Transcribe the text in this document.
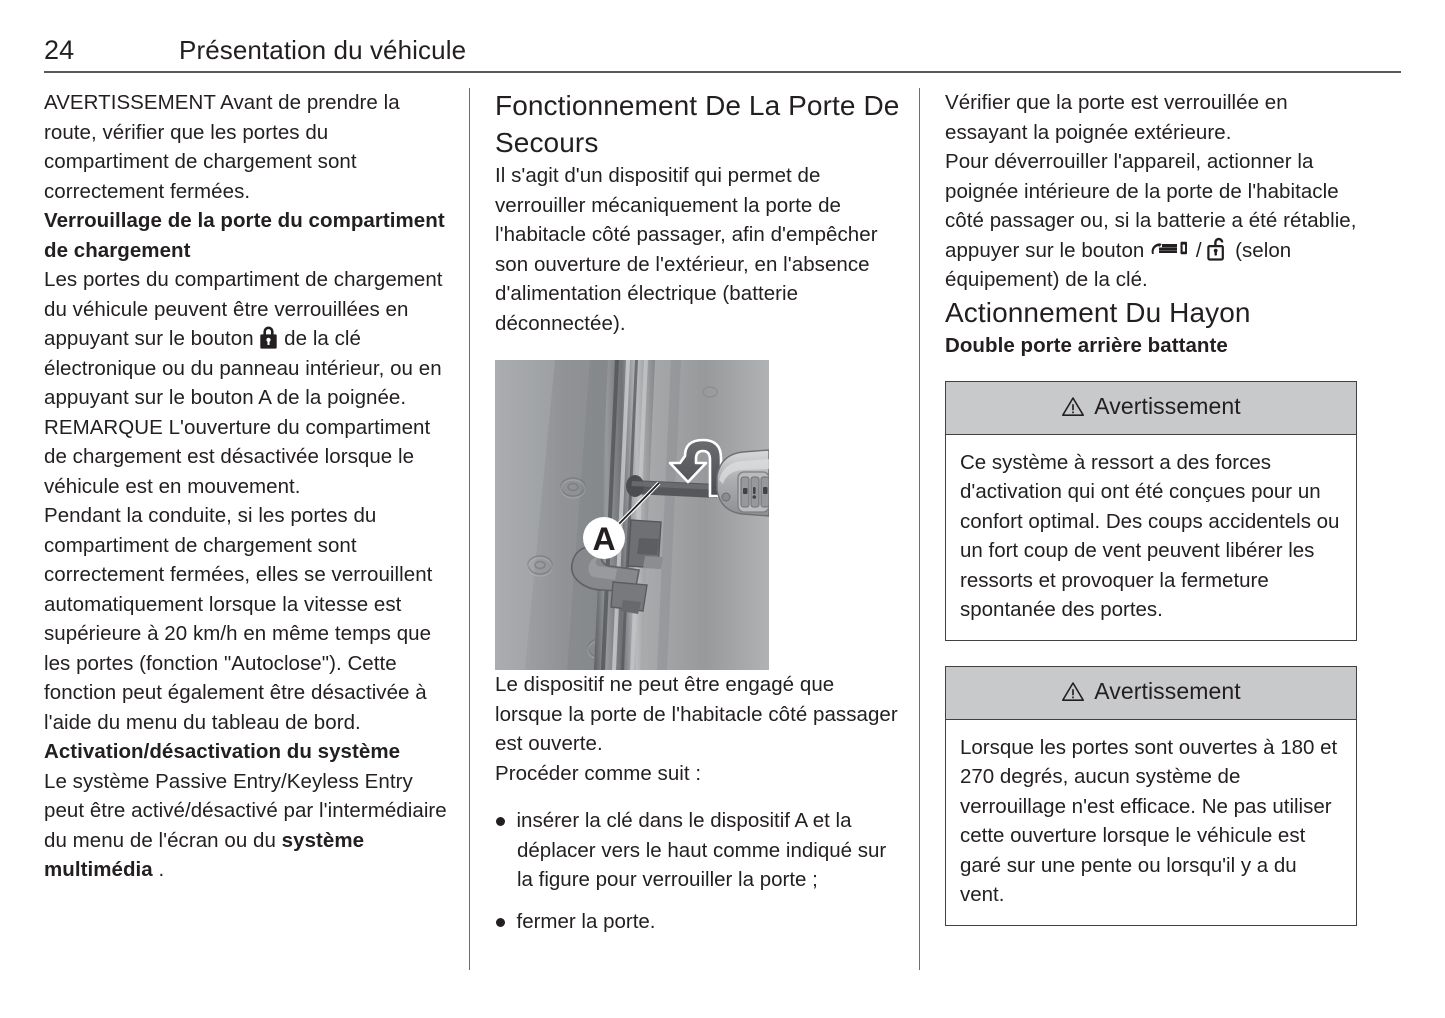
24	Présentation du véhicule

AVERTISSEMENT Avant de prendre la route, vérifier que les portes du compartiment de chargement sont correctement fermées.

Verrouillage de la porte du compartiment de chargement

Les portes du compartiment de chargement du véhicule peuvent être verrouillées en appuyant sur le bouton  de la clé électronique ou du panneau intérieur, ou en appuyant sur le bouton A de la poignée.

REMARQUE L'ouverture du compartiment de chargement est désactivée lorsque le véhicule est en mouvement.

Pendant la conduite, si les portes du compartiment de chargement sont correctement fermées, elles se verrouillent automatiquement lorsque la vitesse est supérieure à 20 km/h en même temps que les portes (fonction "Autoclose"). Cette fonction peut également être désactivée à l'aide du menu du tableau de bord.

Activation/désactivation du système

Le système Passive Entry/Keyless Entry peut être activé/désactivé par l'intermédiaire du menu de l'écran ou du système multimédia .

Fonctionnement De La Porte De Secours

Il s'agit d'un dispositif qui permet de verrouiller mécaniquement la porte de l'habitacle côté passager, afin d'empêcher son ouverture de l'extérieur, en l'absence d'alimentation électrique (batterie déconnectée).

A

Le dispositif ne peut être engagé que lorsque la porte de l'habitacle côté passager est ouverte.

Procéder comme suit :

insérer la clé dans le dispositif A et la déplacer vers le haut comme indiqué sur la figure pour verrouiller la porte ;
fermer la porte.

Vérifier que la porte est verrouillée en essayant la poignée extérieure.

Pour déverrouiller l'appareil, actionner la poignée intérieure de la porte de l'habitacle côté passager ou, si la batterie a été rétablie, appuyer sur le bouton  /  (selon équipement) de la clé.

Actionnement Du Hayon
Double porte arrière battante
Avertissement

Ce système à ressort a des forces d'activation qui ont été conçues pour un confort optimal. Des coups accidentels ou un fort coup de vent peuvent libérer les ressorts et provoquer la fermeture spontanée des portes.

Avertissement

Lorsque les portes sont ouvertes à 180 et 270 degrés, aucun système de verrouillage n'est efficace. Ne pas utiliser cette ouverture lorsque le véhicule est garé sur une pente ou lorsqu'il y a du vent.
